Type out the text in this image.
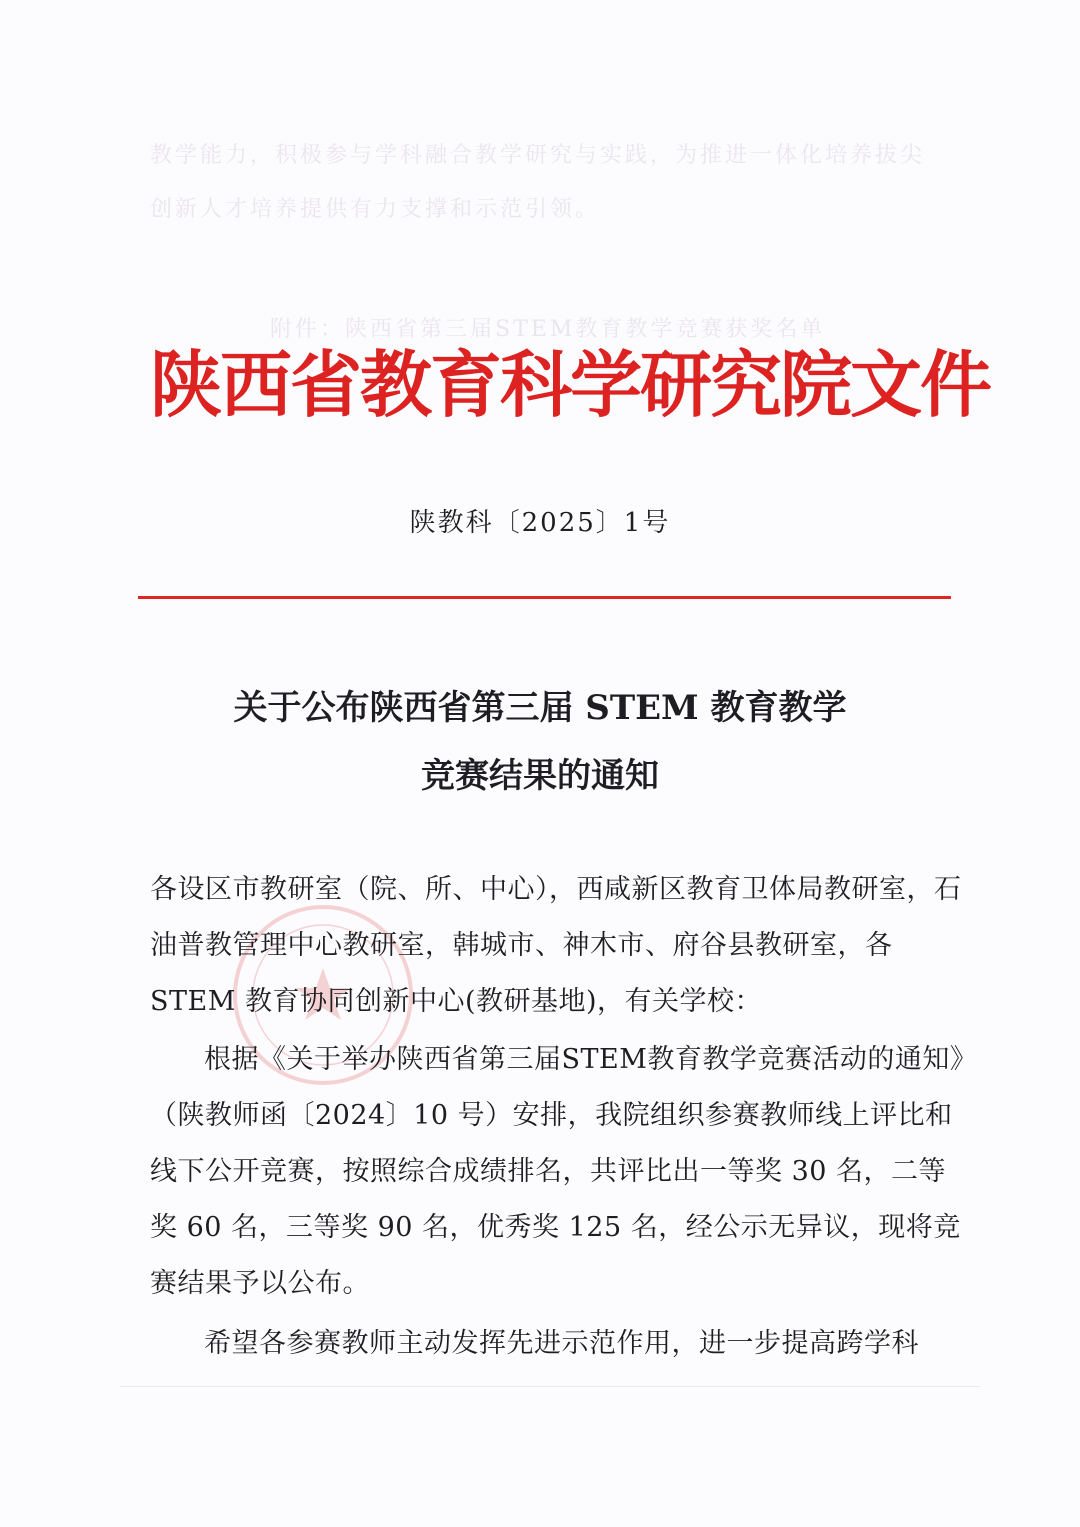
教学能力，积极参与学科融合教学研究与实践，为推进一体化培养拔尖
创新人才培养提供有力支撑和示范引领。
附件：陕西省第三届STEM教育教学竞赛获奖名单
陕西省教育科学研究院文件
陕教科〔2025〕1号
关于公布陕西省第三届 STEM 教育教学
竞赛结果的通知
各设区市教研室（院、所、中心），西咸新区教育卫体局教研室，石油普教管理中心教研室，韩城市、神木市、府谷县教研室，各STEM 教育协同创新中心(教研基地)，有关学校：
根据《关于举办陕西省第三届STEM教育教学竞赛活动的通知》（陕教师函〔2024〕10 号）安排，我院组织参赛教师线上评比和线下公开竞赛，按照综合成绩排名，共评比出一等奖 30 名，二等奖 60 名，三等奖 90 名，优秀奖 125 名，经公示无异议，现将竞赛结果予以公布。
希望各参赛教师主动发挥先进示范作用，进一步提高跨学科
